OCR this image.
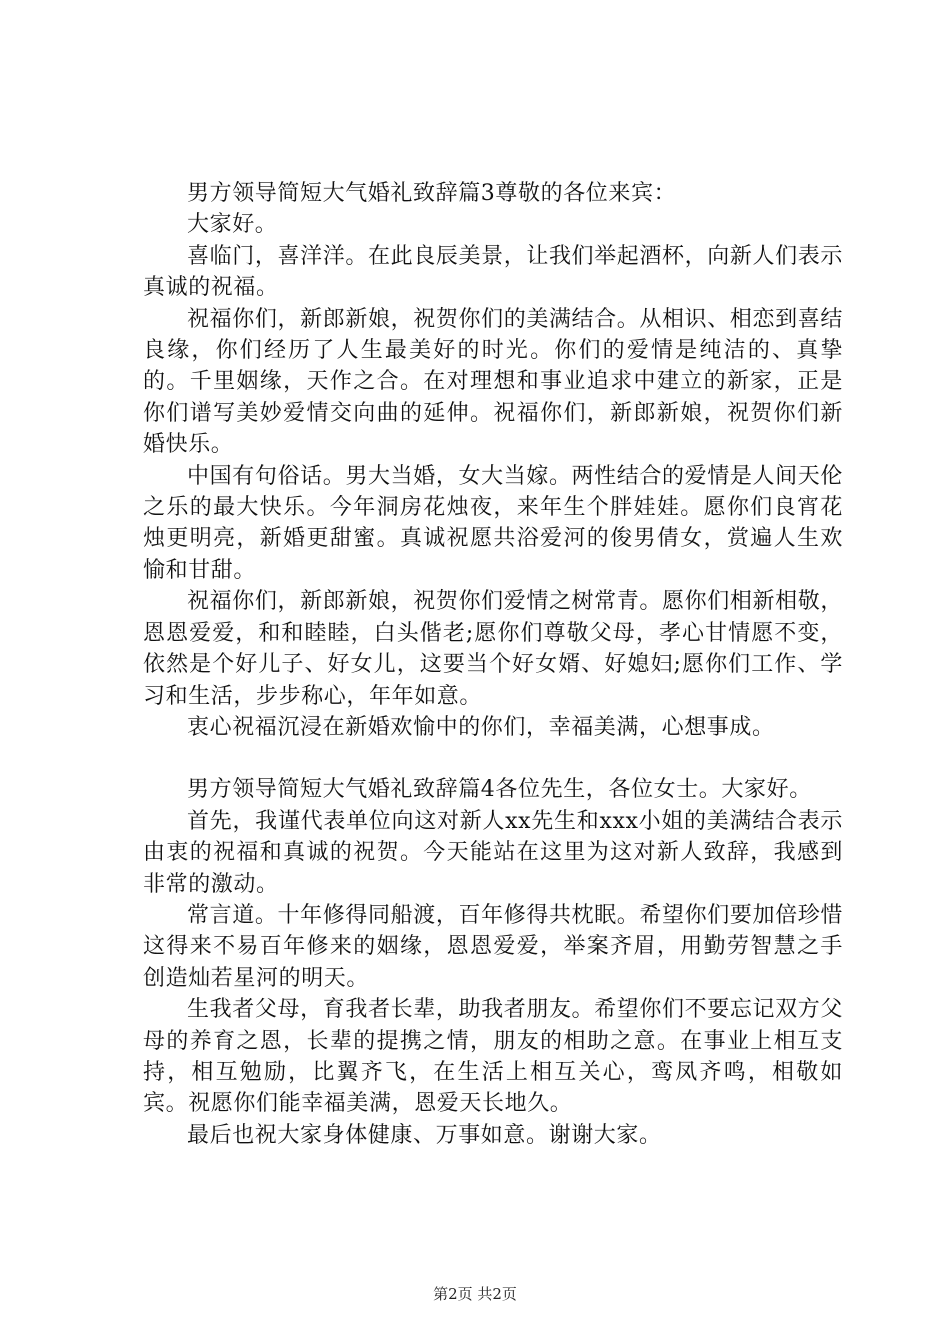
男方领导简短大气婚礼致辞篇3尊敬的各位来宾：

大家好。

喜临门，喜洋洋。在此良辰美景，让我们举起酒杯，向新人们表示真诚的祝福。

祝福你们，新郎新娘，祝贺你们的美满结合。从相识、相恋到喜结良缘，你们经历了人生最美好的时光。你们的爱情是纯洁的、真挚的。千里姻缘，天作之合。在对理想和事业追求中建立的新家，正是你们谱写美妙爱情交向曲的延伸。祝福你们，新郎新娘，祝贺你们新婚快乐。

中国有句俗话。男大当婚，女大当嫁。两性结合的爱情是人间天伦之乐的最大快乐。今年洞房花烛夜，来年生个胖娃娃。愿你们良宵花烛更明亮，新婚更甜蜜。真诚祝愿共浴爱河的俊男倩女，赏遍人生欢愉和甘甜。

祝福你们，新郎新娘，祝贺你们爱情之树常青。愿你们相新相敬，恩恩爱爱，和和睦睦，白头偕老;愿你们尊敬父母，孝心甘情愿不变，依然是个好儿子、好女儿，这要当个好女婿、好媳妇;愿你们工作、学习和生活，步步称心，年年如意。

衷心祝福沉浸在新婚欢愉中的你们，幸福美满，心想事成。

男方领导简短大气婚礼致辞篇4各位先生，各位女士。大家好。

首先，我谨代表单位向这对新人xx先生和xxx小姐的美满结合表示由衷的祝福和真诚的祝贺。今天能站在这里为这对新人致辞，我感到非常的激动。

常言道。十年修得同船渡，百年修得共枕眠。希望你们要加倍珍惜这得来不易百年修来的姻缘，恩恩爱爱，举案齐眉，用勤劳智慧之手创造灿若星河的明天。

生我者父母，育我者长辈，助我者朋友。希望你们不要忘记双方父母的养育之恩，长辈的提携之情，朋友的相助之意。在事业上相互支持，相互勉励，比翼齐飞，在生活上相互关心，鸾凤齐鸣，相敬如宾。祝愿你们能幸福美满，恩爱天长地久。

最后也祝大家身体健康、万事如意。谢谢大家。

第2页 共2页
